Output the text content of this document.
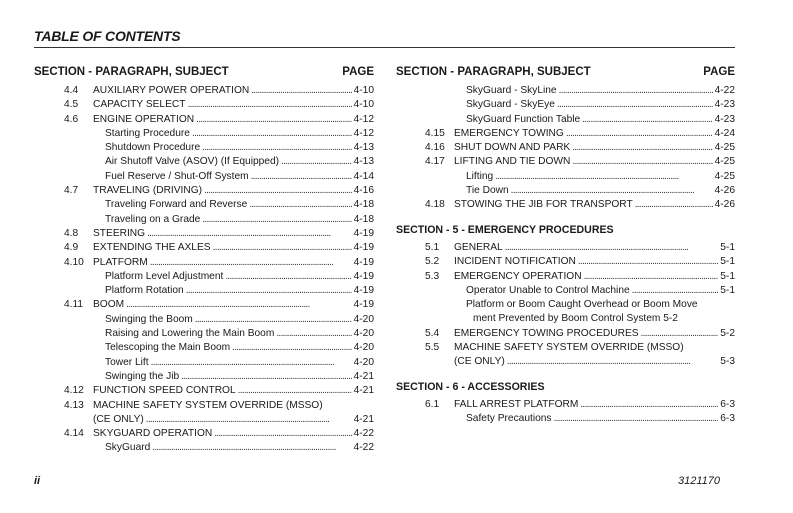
TABLE OF CONTENTS
SECTION - PARAGRAPH, SUBJECT	PAGE
4.4	AUXILIARY POWER OPERATION . . .	4-10
4.5	CAPACITY SELECT . . .	4-10
4.6	ENGINE OPERATION . . .	4-12
Starting Procedure . . .	4-12
Shutdown Procedure . . .	4-13
Air Shutoff Valve (ASOV) (If Equipped) . . .	4-13
Fuel Reserve / Shut-Off System . . .	4-14
4.7	TRAVELING (DRIVING) . . .	4-16
Traveling Forward and Reverse . . .	4-18
Traveling on a Grade . . .	4-18
4.8	STEERING . . .	4-19
4.9	EXTENDING THE AXLES . . .	4-19
4.10 PLATFORM . . .	4-19
Platform Level Adjustment . . .	4-19
Platform Rotation . . .	4-19
4.11 BOOM . . .	4-19
Swinging the Boom . . .	4-20
Raising and Lowering the Main Boom . . .	4-20
Telescoping the Main Boom . . .	4-20
Tower Lift . . .	4-20
Swinging the Jib . . .	4-21
4.12 FUNCTION SPEED CONTROL . . .	4-21
4.13 MACHINE SAFETY SYSTEM OVERRIDE (MSSO)
(CE ONLY) . . .	4-21
4.14 SKYGUARD OPERATION . . .	4-22
SkyGuard . . .	4-22
SECTION - PARAGRAPH, SUBJECT	PAGE
SkyGuard - SkyLine . . .	4-22
SkyGuard - SkyEye . . .	4-23
SkyGuard Function Table . . .	4-23
4.15 EMERGENCY TOWING . . .	4-24
4.16 SHUT DOWN AND PARK . . .	4-25
4.17 LIFTING AND TIE DOWN . . .	4-25
Lifting . . .	4-25
Tie Down . . .	4-26
4.18 STOWING THE JIB FOR TRANSPORT . . .	4-26
SECTION - 5 - EMERGENCY PROCEDURES
5.1	GENERAL . . .	5-1
5.2	INCIDENT NOTIFICATION . . .	5-1
5.3	EMERGENCY OPERATION . . .	5-1
Operator Unable to Control Machine . . .	5-1
Platform or Boom Caught Overhead or Boom Move
ment Prevented by Boom Control System 5-2
5.4	EMERGENCY TOWING PROCEDURES . . .	5-2
5.5	MACHINE SAFETY SYSTEM OVERRIDE (MSSO)
(CE ONLY) . . .	5-3
SECTION - 6 - ACCESSORIES
6.1	FALL ARREST PLATFORM . . .	6-3
Safety Precautions . . .	6-3
ii	3121170
